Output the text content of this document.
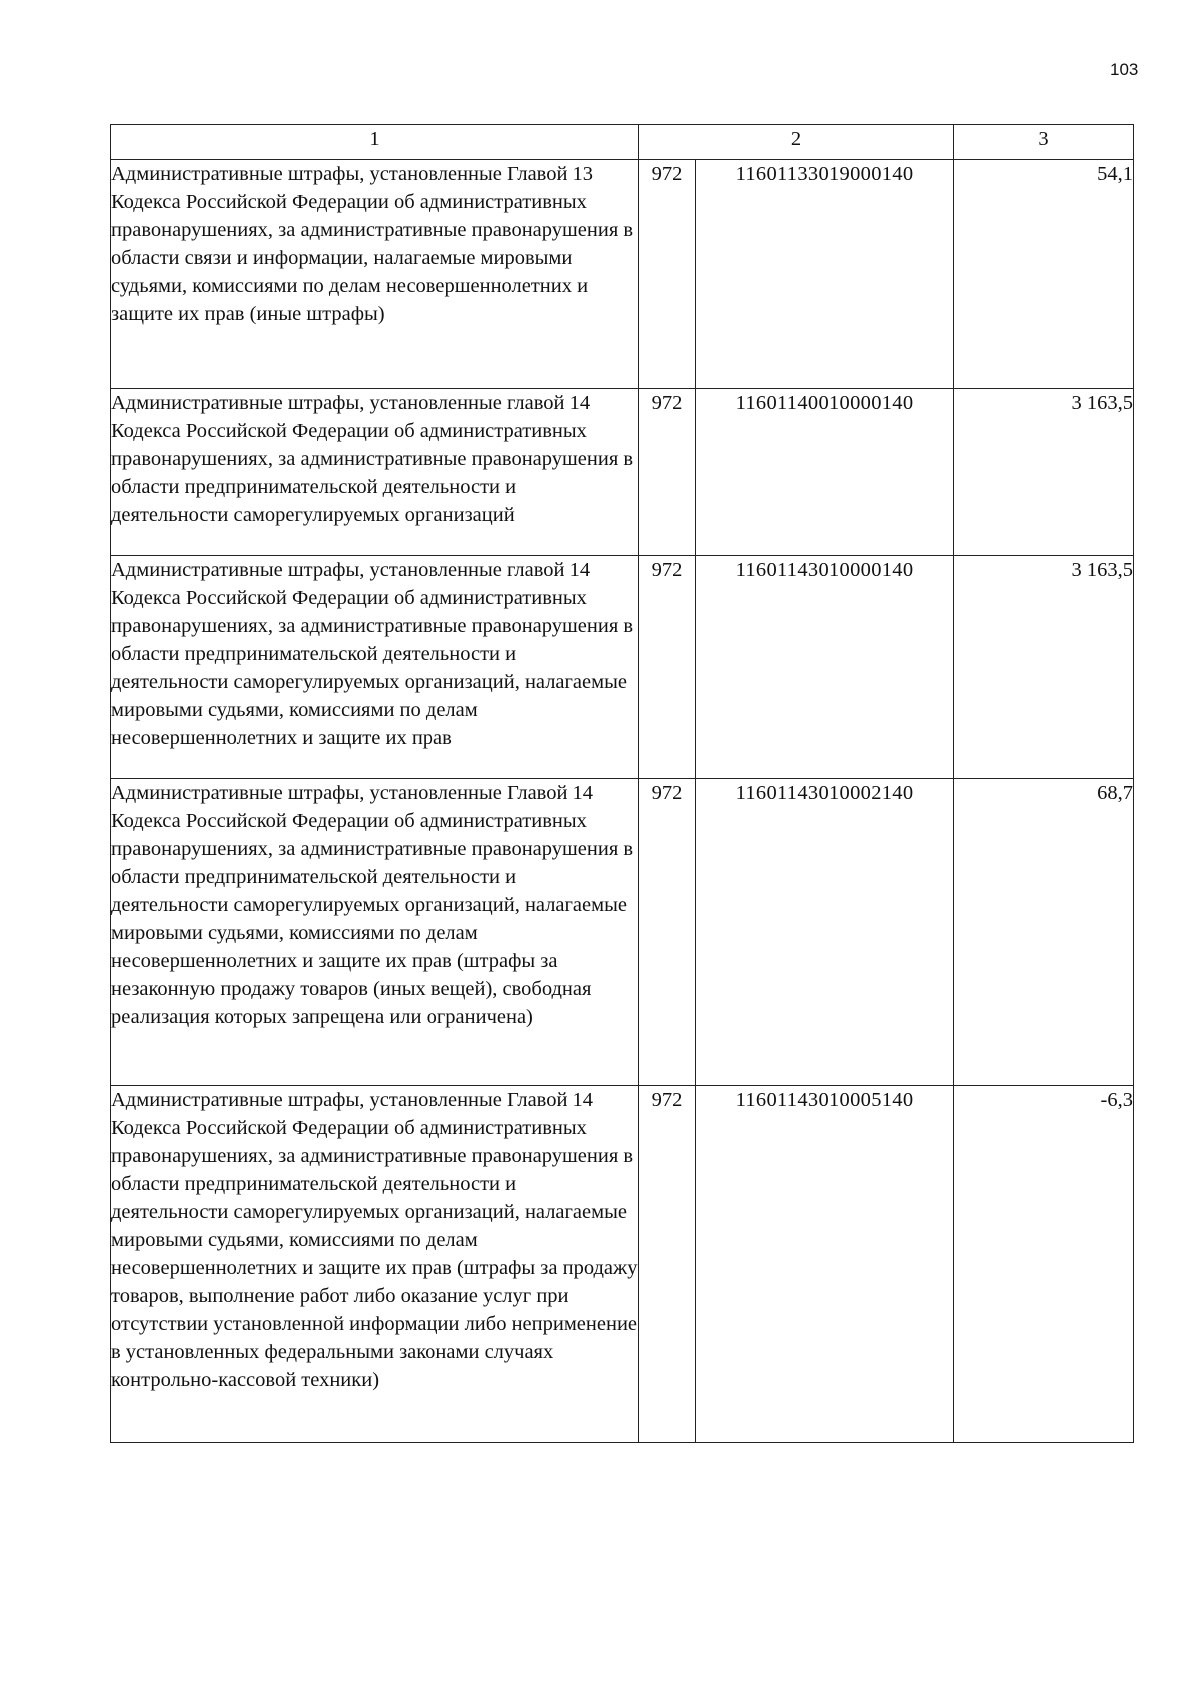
103
1	2		3
Административные штрафы, установленные Главой 13 Кодекса Российской Федерации об административных правонарушениях, за административные правонарушения в области связи и информации, налагаемые мировыми судьями, комиссиями по делам несовершеннолетних и защите их прав (иные штрафы)	972	11601133019000140	54,1
Административные штрафы, установленные главой 14 Кодекса Российской Федерации об административных правонарушениях, за административные правонарушения в области предпринимательской деятельности и деятельности саморегулируемых организаций	972	11601140010000140	3 163,5
Административные штрафы, установленные главой 14 Кодекса Российской Федерации об административных правонарушениях, за административные правонарушения в области предпринимательской деятельности и деятельности саморегулируемых организаций, налагаемые мировыми судьями, комиссиями по делам несовершеннолетних и защите их прав	972	11601143010000140	3 163,5
Административные штрафы, установленные Главой 14 Кодекса Российской Федерации об административных правонарушениях, за административные правонарушения в области предпринимательской деятельности и деятельности саморегулируемых организаций, налагаемые мировыми судьями, комиссиями по делам несовершеннолетних и защите их прав (штрафы за незаконную продажу товаров (иных вещей), свободная реализация которых запрещена или ограничена)	972	11601143010002140	68,7
Административные штрафы, установленные Главой 14 Кодекса Российской Федерации об административных правонарушениях, за административные правонарушения в области предпринимательской деятельности и деятельности саморегулируемых организаций, налагаемые мировыми судьями, комиссиями по делам несовершеннолетних и защите их прав (штрафы за продажу товаров, выполнение работ либо оказание услуг при отсутствии установленной информации либо неприменение в установленных федеральными законами случаях контрольно-кассовой техники)	972	11601143010005140	-6,3
